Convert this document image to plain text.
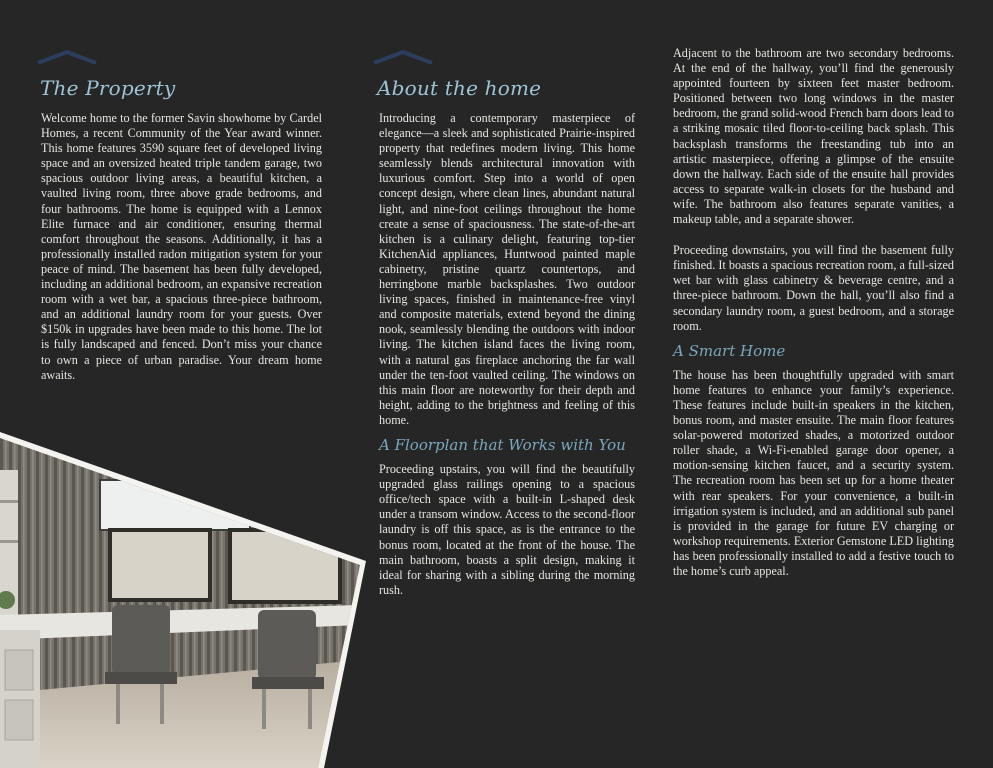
The Property

Welcome home to the former Savin showhome by Cardel Homes, a recent Community of the Year award winner. This home features 3590 square feet of developed living space and an oversized heated triple tandem garage, two spacious outdoor living areas, a beautiful kitchen, a vaulted living room, three above grade bedrooms, and four bathrooms. The home is equipped with a Lennox Elite furnace and air conditioner, ensuring thermal comfort throughout the seasons. Additionally, it has a professionally installed radon mitigation system for your peace of mind. The basement has been fully developed, including an additional bedroom, an expansive recreation room with a wet bar, a spacious three-piece bathroom, and an additional laundry room for your guests. Over $150k in upgrades have been made to this home. The lot is fully landscaped and fenced. Don’t miss your chance to own a piece of urban paradise. Your dream home awaits.

About the home

Introducing a contemporary masterpiece of elegance—a sleek and sophisticated Prairie-inspired property that redefines modern living. This home seamlessly blends architectural innovation with luxurious comfort. Step into a world of open concept design, where clean lines, abundant natural light, and nine-foot ceilings throughout the home create a sense of spaciousness. The state-of-the-art kitchen is a culinary delight, featuring top-tier KitchenAid appliances, Huntwood painted maple cabinetry, pristine quartz countertops, and herringbone marble backsplashes. Two outdoor living spaces, finished in maintenance-free vinyl and composite materials, extend beyond the dining nook, seamlessly blending the outdoors with indoor living. The kitchen island faces the living room, with a natural gas fireplace anchoring the far wall under the ten-foot vaulted ceiling. The windows on this main floor are noteworthy for their depth and height, adding to the brightness and feeling of this home.

A Floorplan that Works with You

Proceeding upstairs, you will find the beautifully upgraded glass railings opening to a spacious office/tech space with a built-in L-shaped desk under a transom window. Access to the second-floor laundry is off this space, as is the entrance to the bonus room, located at the front of the house. The main bathroom, boasts a split design, making it ideal for sharing with a sibling during the morning rush.

Adjacent to the bathroom are two secondary bedrooms. At the end of the hallway, you’ll find the generously appointed fourteen by sixteen feet master bedroom. Positioned between two long windows in the master bedroom, the grand solid-wood French barn doors lead to a striking mosaic tiled floor-to-ceiling back splash. This backsplash transforms the freestanding tub into an artistic masterpiece, offering a glimpse of the ensuite down the hallway. Each side of the ensuite hall provides access to separate walk-in closets for the husband and wife. The bathroom also features separate vanities, a makeup table, and a separate shower.

Proceeding downstairs, you will find the basement fully finished. It boasts a spacious recreation room, a full-sized wet bar with glass cabinetry & beverage centre, and a three-piece bathroom. Down the hall, you’ll also find a secondary laundry room, a guest bedroom, and a storage room.

A Smart Home

The house has been thoughtfully upgraded with smart home features to enhance your family’s experience. These features include built-in speakers in the kitchen, bonus room, and master ensuite. The main floor features solar-powered motorized shades, a motorized outdoor roller shade, a Wi-Fi-enabled garage door opener, a motion-sensing kitchen faucet, and a security system. The recreation room has been set up for a home theater with rear speakers. For your convenience, a built-in irrigation system is included, and an additional sub panel is provided in the garage for future EV charging or workshop requirements. Exterior Gemstone LED lighting has been professionally installed to add a festive touch to the home’s curb appeal.
